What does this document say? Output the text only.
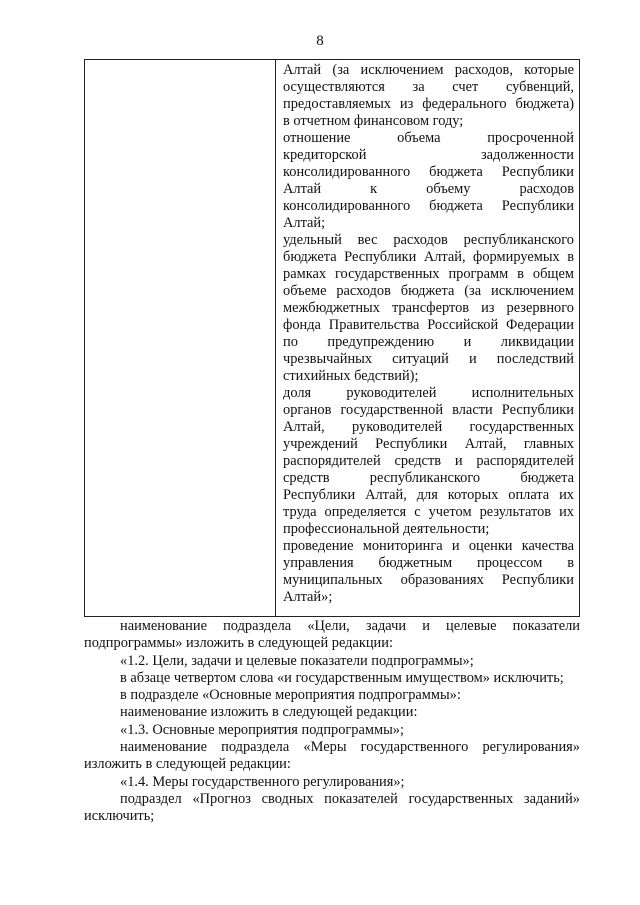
8
Алтай (за исключением расходов, которые
осуществляются за счет субвенций,
предоставляемых из федерального бюджета)
в отчетном финансовом году;
отношение объема просроченной
кредиторской задолженности
консолидированного бюджета Республики
Алтай к объему расходов
консолидированного бюджета Республики
Алтай;
удельный вес расходов республиканского
бюджета Республики Алтай, формируемых в
рамках государственных программ в общем
объеме расходов бюджета (за исключением
межбюджетных трансфертов из резервного
фонда Правительства Российской Федерации
по предупреждению и ликвидации
чрезвычайных ситуаций и последствий
стихийных бедствий);
доля руководителей исполнительных
органов государственной власти Республики
Алтай, руководителей государственных
учреждений Республики Алтай, главных
распорядителей средств и распорядителей
средств республиканского бюджета
Республики Алтай, для которых оплата их
труда определяется с учетом результатов их
профессиональной деятельности;
проведение мониторинга и оценки качества
управления бюджетным процессом в
муниципальных образованиях Республики
Алтай»;
наименование подраздела «Цели, задачи и целевые показатели
подпрограммы» изложить в следующей редакции:
«1.2. Цели, задачи и целевые показатели подпрограммы»;
в абзаце четвертом слова «и государственным имуществом» исключить;
в подразделе «Основные мероприятия подпрограммы»:
наименование изложить в следующей редакции:
«1.3. Основные мероприятия подпрограммы»;
наименование подраздела «Меры государственного регулирования»
изложить в следующей редакции:
«1.4. Меры государственного регулирования»;
подраздел «Прогноз сводных показателей государственных заданий»
исключить;
